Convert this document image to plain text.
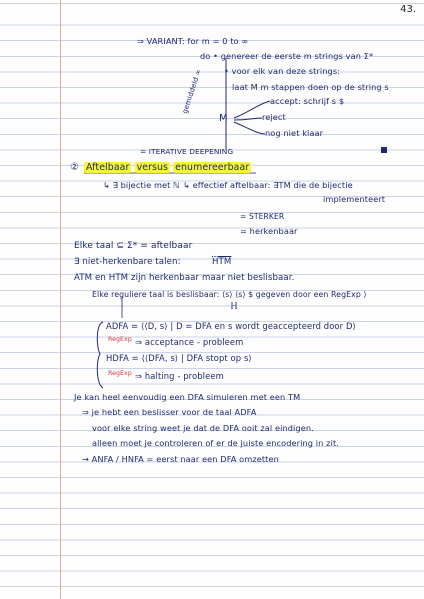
43.
⇒ VARIANT: for m = 0 to ∞
do • genereer de eerste m strings van Σ*
• voor elk van deze strings:
laat M m stappen doen op de string s
accept: schrijf s $
reject
nog niet klaar
M
gemiddeld ∞
= ITERATIVE DEEPENING
② Aftelbaar versus enumereerbaar
↳ ∃ bijectie met ℕ ↳ effectief aftelbaar: ∃TM die de bijectie
implementeert
= STERKER
= herkenbaar
Elke taal ⊆ Σ* = aftelbaar
∃ niet-herkenbare talen:	H̄TM
ATM en HTM zijn herkenbaar maar niet beslisbaar.
Elke reguliere taal is beslisbaar: ⟨s⟩ ⟨s⟩ $ gegeven door een RegExp ⟩
ℍ
ADFA = ⟨⟨D, s⟩ | D = DFA en s wordt geaccepteerd door D⟩
RegExp ⇒ acceptance - probleem
HDFA = ⟨⟨DFA, s⟩ | DFA stopt op s⟩
RegExp ⇒ halting - probleem
Je kan heel eenvoudig een DFA simuleren met een TM
⇒ je hebt een beslisser voor de taal ADFA
voor elke string weet je dat de DFA ooit zal eindigen.
alleen moet je controleren of er de juiste encodering in zit.
→ ANFA / HNFA = eerst naar een DFA omzetten
